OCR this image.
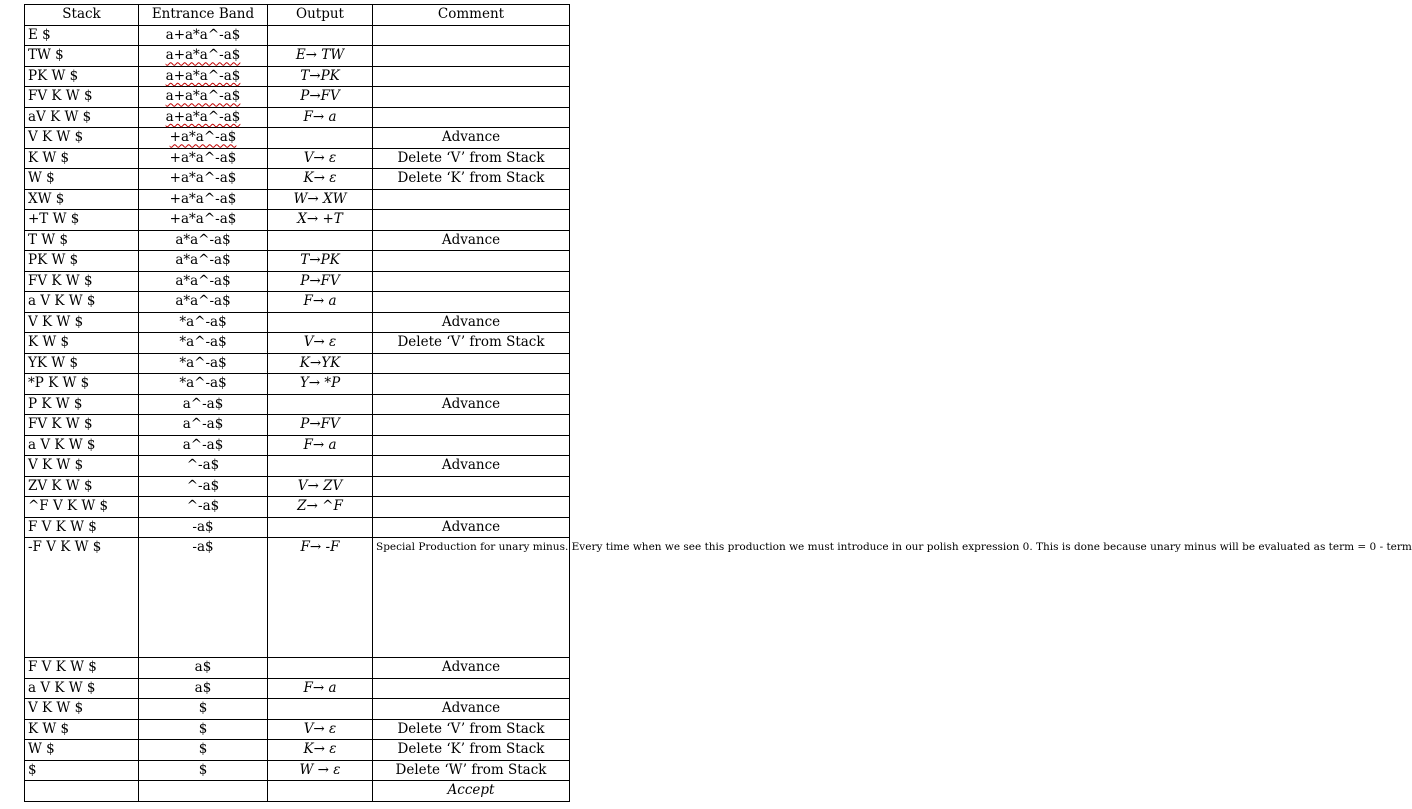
Stack	Entrance Band	Output	Comment
E $	a+a*a^-a$		
TW $	a+a*a^-a$	E→ TW	
PK W $	a+a*a^-a$	T→PK	
FV K W $	a+a*a^-a$	P→FV	
aV K W $	a+a*a^-a$	F→ a	
V K W $	+a*a^-a$		Advance
K W $	+a*a^-a$	V→ ε	Delete ‘V’ from Stack
W $	+a*a^-a$	K→ ε	Delete ‘K’ from Stack
XW $	+a*a^-a$	W→ XW	
+T W $	+a*a^-a$	X→ +T	
T W $	a*a^-a$		Advance
PK W $	a*a^-a$	T→PK	
FV K W $	a*a^-a$	P→FV	
a V K W $	a*a^-a$	F→ a	
V K W $	*a^-a$		Advance
K W $	*a^-a$	V→ ε	Delete ‘V’ from Stack
YK W $	*a^-a$	K→YK	
*P K W $	*a^-a$	Y→ *P	
P K W $	a^-a$		Advance
FV K W $	a^-a$	P→FV	
a V K W $	a^-a$	F→ a	
V K W $	^-a$		Advance
ZV K W $	^-a$	V→ ZV	
^F V K W $	^-a$	Z→ ^F	
F V K W $	-a$		Advance
-F V K W $	-a$	F→ -F	Special Production for unary minus. Every time when we see this production we must introduce in our polish expression 0. This is done because unary minus will be evaluated as term = 0 - term
F V K W $	a$		Advance
a V K W $	a$	F→ a	
V K W $	$		Advance
K W $	$	V→ ε	Delete ‘V’ from Stack
W $	$	K→ ε	Delete ‘K’ from Stack
$	$	W → ε	Delete ‘W’ from Stack
			Accept
